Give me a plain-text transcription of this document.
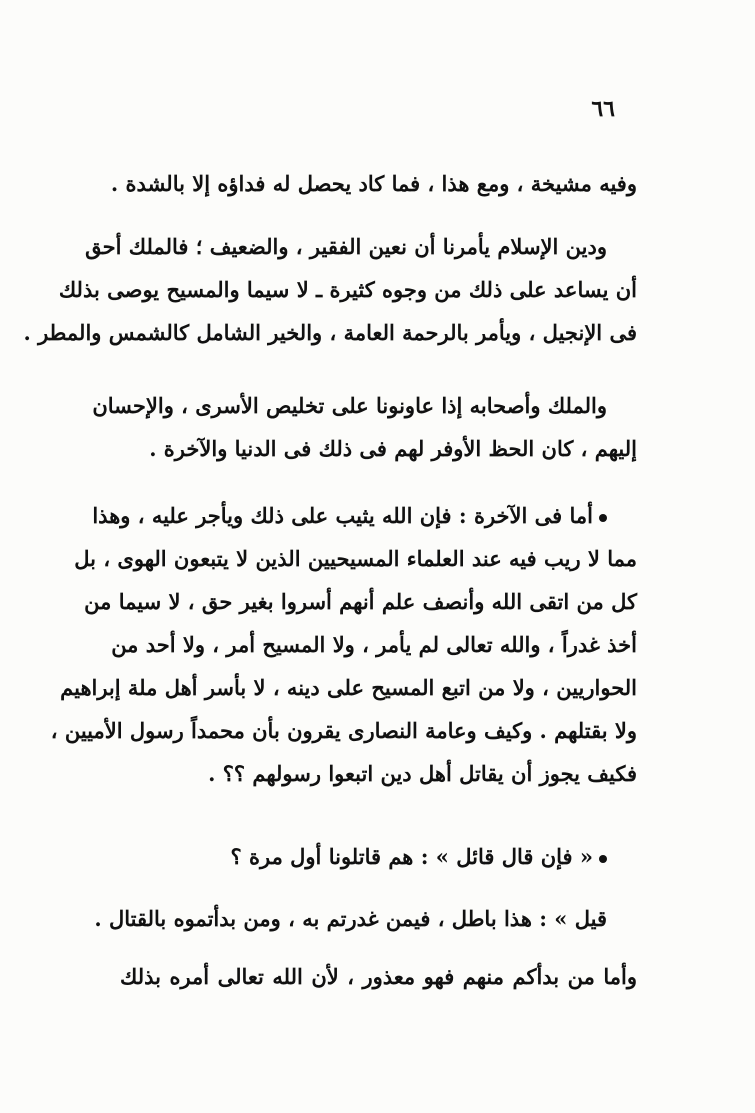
٦٦
وفيه مشيخة ، ومع هذا ، فما كاد يحصل له فداؤه إلا بالشدة .
ودين الإسلام يأمرنا أن نعين الفقير ، والضعيف ؛ فالملك أحق
أن يساعد على ذلك من وجوه كثيرة ـ لا سيما والمسيح يوصى بذلك
فى الإنجيل ، ويأمر بالرحمة العامة ، والخير الشامل كالشمس والمطر .
والملك وأصحابه إذا عاونونا على تخليص الأسرى ، والإحسان
إليهم ، كان الحظ الأوفر لهم فى ذلك فى الدنيا والآخرة .
أما فى الآخرة : فإن الله يثيب على ذلك ويأجر عليه ، وهذا
مما لا ريب فيه عند العلماء المسيحيين الذين لا يتبعون الهوى ، بل
كل من اتقى الله وأنصف علم أنهم أسروا بغير حق ، لا سيما من
أخذ غدراً ، والله تعالى لم يأمر ، ولا المسيح أمر ، ولا أحد من
الحواريين ، ولا من اتبع المسيح على دينه ، لا بأسر أهل ملة إبراهيم
ولا بقتلهم . وكيف وعامة النصارى يقرون بأن محمداً رسول الأميين ،
فكيف يجوز أن يقاتل أهل دين اتبعوا رسولهم ؟؟ .
« فإن قال قائل » : هم قاتلونا أول مرة ؟
قيل » : هذا باطل ، فيمن غدرتم به ، ومن بدأتموه بالقتال .
وأما من بدأكم منهم فهو معذور ، لأن الله تعالى أمره بذلك
